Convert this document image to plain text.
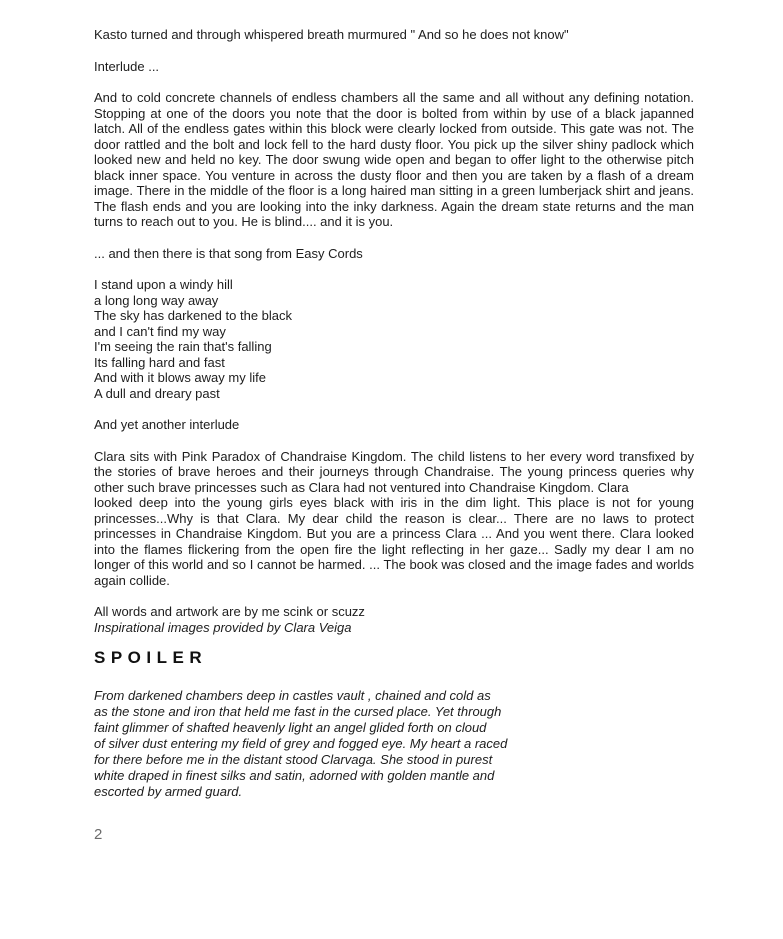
Kasto turned and through whispered breath murmured " And so he does not know"
Interlude ...
And to cold concrete channels of endless chambers all the same and all without any defining notation. Stopping at one of the doors you note that the door is bolted from within by use of a black japanned latch. All of the endless gates within this block were clearly locked from outside. This gate was not. The door rattled and the bolt and lock fell to the hard dusty floor. You pick up the silver shiny padlock which looked new and held no key. The door swung wide open and began to offer light to the otherwise pitch black inner space. You venture in across the dusty floor and then you are taken by a flash of a dream image. There in the middle of the floor is a long haired man sitting in a green lumberjack shirt and jeans. The flash ends and you are looking into the inky darkness. Again the dream state returns and the man turns to reach out to you. He is blind.... and it is you.
... and then there is that song from Easy Cords
I stand upon a windy hill
a long long way away
The sky has darkened to the black
and I can't find my way
I'm seeing the rain that's falling
Its falling hard and fast
And with it blows away my life
A dull and dreary past
And yet another interlude
Clara sits with Pink Paradox of Chandraise Kingdom. The child listens to her every word transfixed by the stories of brave heroes and their journeys through Chandraise. The young princess queries why other such brave princesses such as Clara had not ventured into Chandraise Kingdom. Clara
looked deep into the young girls eyes black with iris in the dim light. This place is not for young princesses...Why is that Clara. My dear child the reason is clear... There are no laws to protect princesses in Chandraise Kingdom. But you are a princess Clara ... And you went there. Clara looked into the flames flickering from the open fire the light reflecting in her gaze... Sadly my dear I am no longer of this world and so I cannot be harmed. ... The book was closed and the image fades and worlds again collide.
All words and artwork are by me scink or scuzz
Inspirational images provided by Clara Veiga
SPOILER
From darkened chambers deep in castles vault , chained and cold as
as the stone and iron that held me fast in the cursed place. Yet through
faint glimmer of shafted heavenly light an angel glided forth on cloud
of silver dust entering my field of grey and fogged eye. My heart a raced
for there before me in the distant stood Clarvaga. She stood in purest
white draped in finest silks and satin, adorned with golden mantle and
escorted by armed guard.
2
